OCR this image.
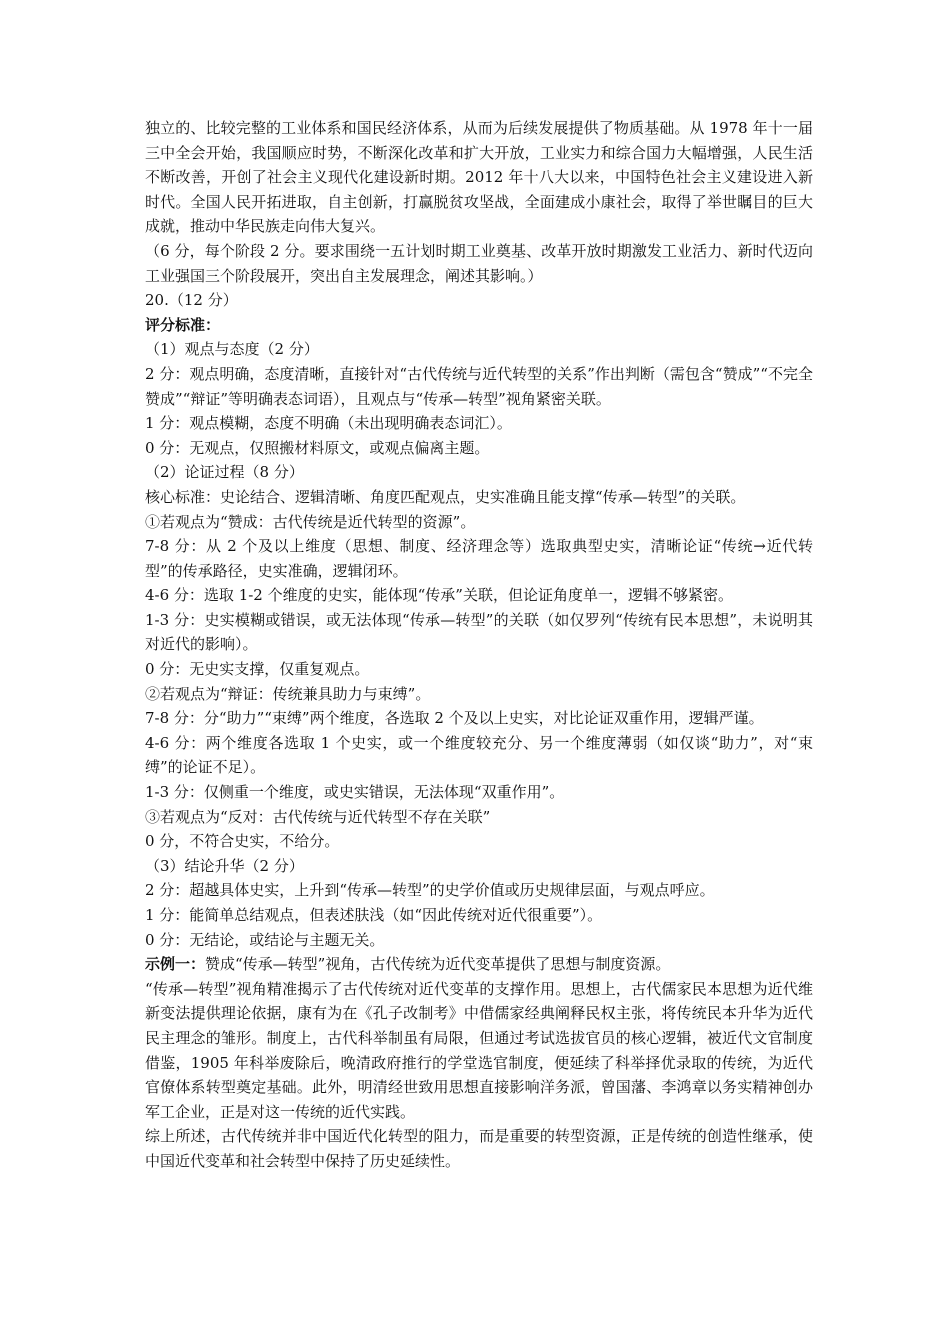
独立的、比较完整的工业体系和国民经济体系，从而为后续发展提供了物质基础。从 1978 年十一届三中全会开始，我国顺应时势，不断深化改革和扩大开放，工业实力和综合国力大幅增强，人民生活不断改善，开创了社会主义现代化建设新时期。2012 年十八大以来，中国特色社会主义建设进入新时代。全国人民开拓进取，自主创新，打赢脱贫攻坚战，全面建成小康社会，取得了举世瞩目的巨大成就，推动中华民族走向伟大复兴。

（6 分，每个阶段 2 分。要求围绕一五计划时期工业奠基、改革开放时期激发工业活力、新时代迈向工业强国三个阶段展开，突出自主发展理念，阐述其影响。）

20.（12 分）

评分标准：

（1）观点与态度（2 分）

2 分：观点明确，态度清晰，直接针对“古代传统与近代转型的关系”作出判断（需包含“赞成”“不完全赞成”“辩证”等明确表态词语），且观点与“传承—转型”视角紧密关联。

1 分：观点模糊，态度不明确（未出现明确表态词汇）。

0 分：无观点，仅照搬材料原文，或观点偏离主题。

（2）论证过程（8 分）

核心标准：史论结合、逻辑清晰、角度匹配观点，史实准确且能支撑“传承—转型”的关联。

①若观点为“赞成：古代传统是近代转型的资源”。

7-8 分：从 2 个及以上维度（思想、制度、经济理念等）选取典型史实，清晰论证“传统→近代转型”的传承路径，史实准确，逻辑闭环。

4-6 分：选取 1-2 个维度的史实，能体现“传承”关联，但论证角度单一，逻辑不够紧密。

1-3 分：史实模糊或错误，或无法体现“传承—转型”的关联（如仅罗列“传统有民本思想”，未说明其对近代的影响）。

0 分：无史实支撑，仅重复观点。

②若观点为“辩证：传统兼具助力与束缚”。

7-8 分：分“助力”“束缚”两个维度，各选取 2 个及以上史实，对比论证双重作用，逻辑严谨。

4-6 分：两个维度各选取 1 个史实，或一个维度较充分、另一个维度薄弱（如仅谈“助力”，对“束缚”的论证不足）。

1-3 分：仅侧重一个维度，或史实错误，无法体现“双重作用”。

③若观点为“反对：古代传统与近代转型不存在关联”

0 分，不符合史实，不给分。

（3）结论升华（2 分）

2 分：超越具体史实，上升到“传承—转型”的史学价值或历史规律层面，与观点呼应。

1 分：能简单总结观点，但表述肤浅（如“因此传统对近代很重要”）。

0 分：无结论，或结论与主题无关。

示例一：赞成“传承—转型”视角，古代传统为近代变革提供了思想与制度资源。

“传承—转型”视角精准揭示了古代传统对近代变革的支撑作用。思想上，古代儒家民本思想为近代维新变法提供理论依据，康有为在《孔子改制考》中借儒家经典阐释民权主张，将传统民本升华为近代民主理念的雏形。制度上，古代科举制虽有局限，但通过考试选拔官员的核心逻辑，被近代文官制度借鉴，1905 年科举废除后，晚清政府推行的学堂选官制度，便延续了科举择优录取的传统，为近代官僚体系转型奠定基础。此外，明清经世致用思想直接影响洋务派，曾国藩、李鸿章以务实精神创办军工企业，正是对这一传统的近代实践。

综上所述，古代传统并非中国近代化转型的阻力，而是重要的转型资源，正是传统的创造性继承，使中国近代变革和社会转型中保持了历史延续性。
